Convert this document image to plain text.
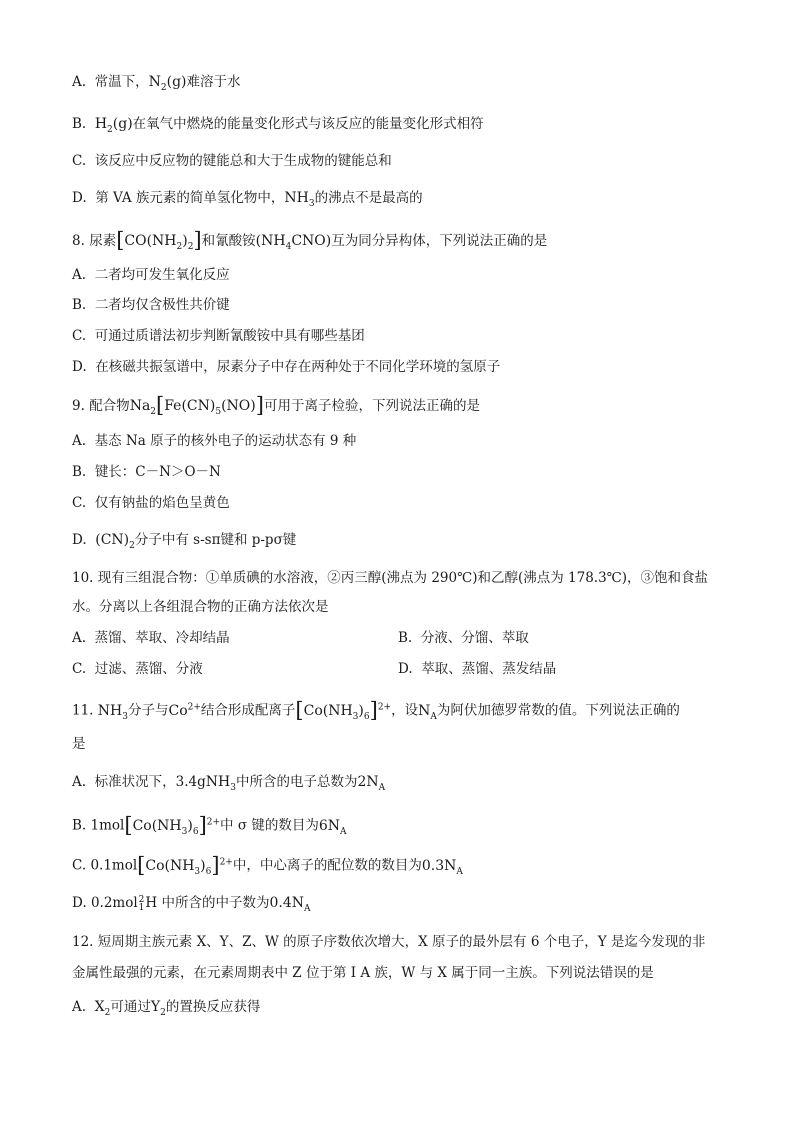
A. 常温下，$N_2(g)$难溶于水
B. $H_2(g)$在氧气中燃烧的能量变化形式与该反应的能量变化形式相符
C. 该反应中反应物的键能总和大于生成物的键能总和
D. 第 VA 族元素的简单氢化物中，$NH_3$的沸点不是最高的
8. 尿素$[CO(NH_2)_2]$和氰酸铵$(NH_4CNO)$互为同分异构体，下列说法正确的是
A. 二者均可发生氧化反应
B. 二者均仅含极性共价键
C. 可通过质谱法初步判断氰酸铵中具有哪些基团
D. 在核磁共振氢谱中，尿素分子中存在两种处于不同化学环境的氢原子
9. 配合物$Na_2[Fe(CN)_5(NO)]$可用于离子检验，下列说法正确的是
A. 基态 Na 原子的核外电子的运动状态有 9 种
B. 键长：C－N＞O－N
C. 仅有钠盐的焰色呈黄色
D. $(CN)_2$分子中有 s-sπ键和 p-pσ键
10. 现有三组混合物：①单质碘的水溶液，②丙三醇(沸点为 290℃)和乙醇(沸点为 178.3℃)，③饱和食盐
水。分离以上各组混合物的正确方法依次是
A. 蒸馏、萃取、冷却结晶	B. 分液、分馏、萃取
C. 过滤、蒸馏、分液	D. 萃取、蒸馏、蒸发结晶
11. $NH_3$分子与$Co^{2+}$结合形成配离子$[Co(NH_3)_6]^{2+}$，设$N_A$为阿伏加德罗常数的值。下列说法正确的
是
A. 标准状况下，3.4gNH$_3$中所含的电子总数为$2N_A$
B. $1mol[Co(NH_3)_6]^{2+}$中 σ 键的数目为$6N_A$
C. $0.1mol[Co(NH_3)_6]^{2+}$中，中心离子的配位数的数目为$0.3N_A$
D. 0.2mol2
1H 中所含的中子数为$0.4N_A$
12. 短周期主族元素 X、Y、Z、W 的原子序数依次增大，X 原子的最外层有 6 个电子，Y 是迄今发现的非
金属性最强的元素，在元素周期表中 Z 位于第 I A 族，W 与 X 属于同一主族。下列说法错误的是
A. $X_2$可通过$Y_2$的置换反应获得
